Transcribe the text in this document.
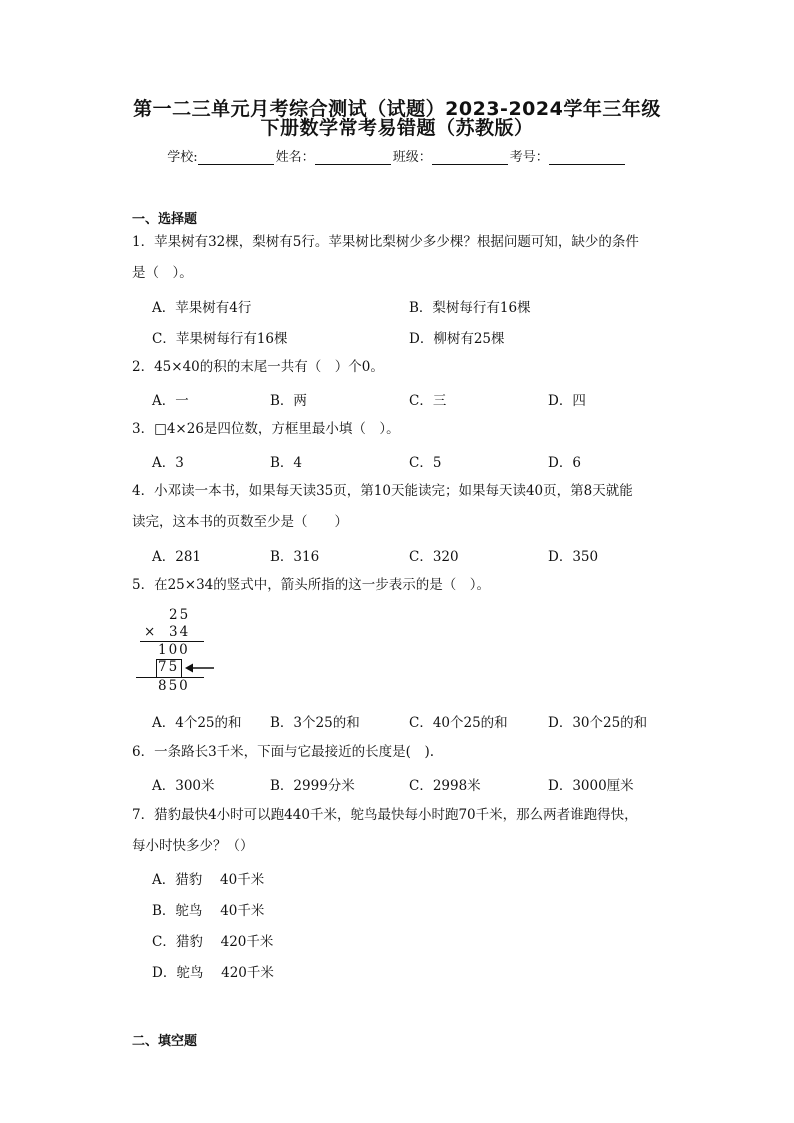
第一二三单元月考综合测试（试题）2023-2024学年三年级
下册数学常考易错题（苏教版）
学校:	姓名：	班级：	考号：
一、选择题
1．苹果树有32棵，梨树有5行。苹果树比梨树少多少棵？根据问题可知，缺少的条件
是（　）。
A．苹果树有4行	B．梨树每行有16棵
C．苹果树每行有16棵	D．柳树有25棵
2．45×40的积的末尾一共有（　）个0。
A．一	B．两	C．三	D．四
3．□4×26是四位数，方框里最小填（　）。
A．3	B．4	C．5	D．6
4．小邓读一本书，如果每天读35页，第10天能读完；如果每天读40页，第8天就能
读完，这本书的页数至少是（　　）
A．281	B．316	C．320	D．350
5．在25×34的竖式中，箭头所指的这一步表示的是（　）。
25
× 34
100
75
850
A．4个25的和 B．3个25的和	C．40个25的和	D．30个25的和
6．一条路长3千米，下面与它最接近的长度是(　).
A．300米	B．2999分米	C．2998米	D．3000厘米
7．猎豹最快4小时可以跑440千米，鸵鸟最快每小时跑70千米，那么两者谁跑得快，
每小时快多少？（）
A．猎豹　 40千米
B．鸵鸟　 40千米
C．猎豹　 420千米
D．鸵鸟　 420千米
二、填空题
